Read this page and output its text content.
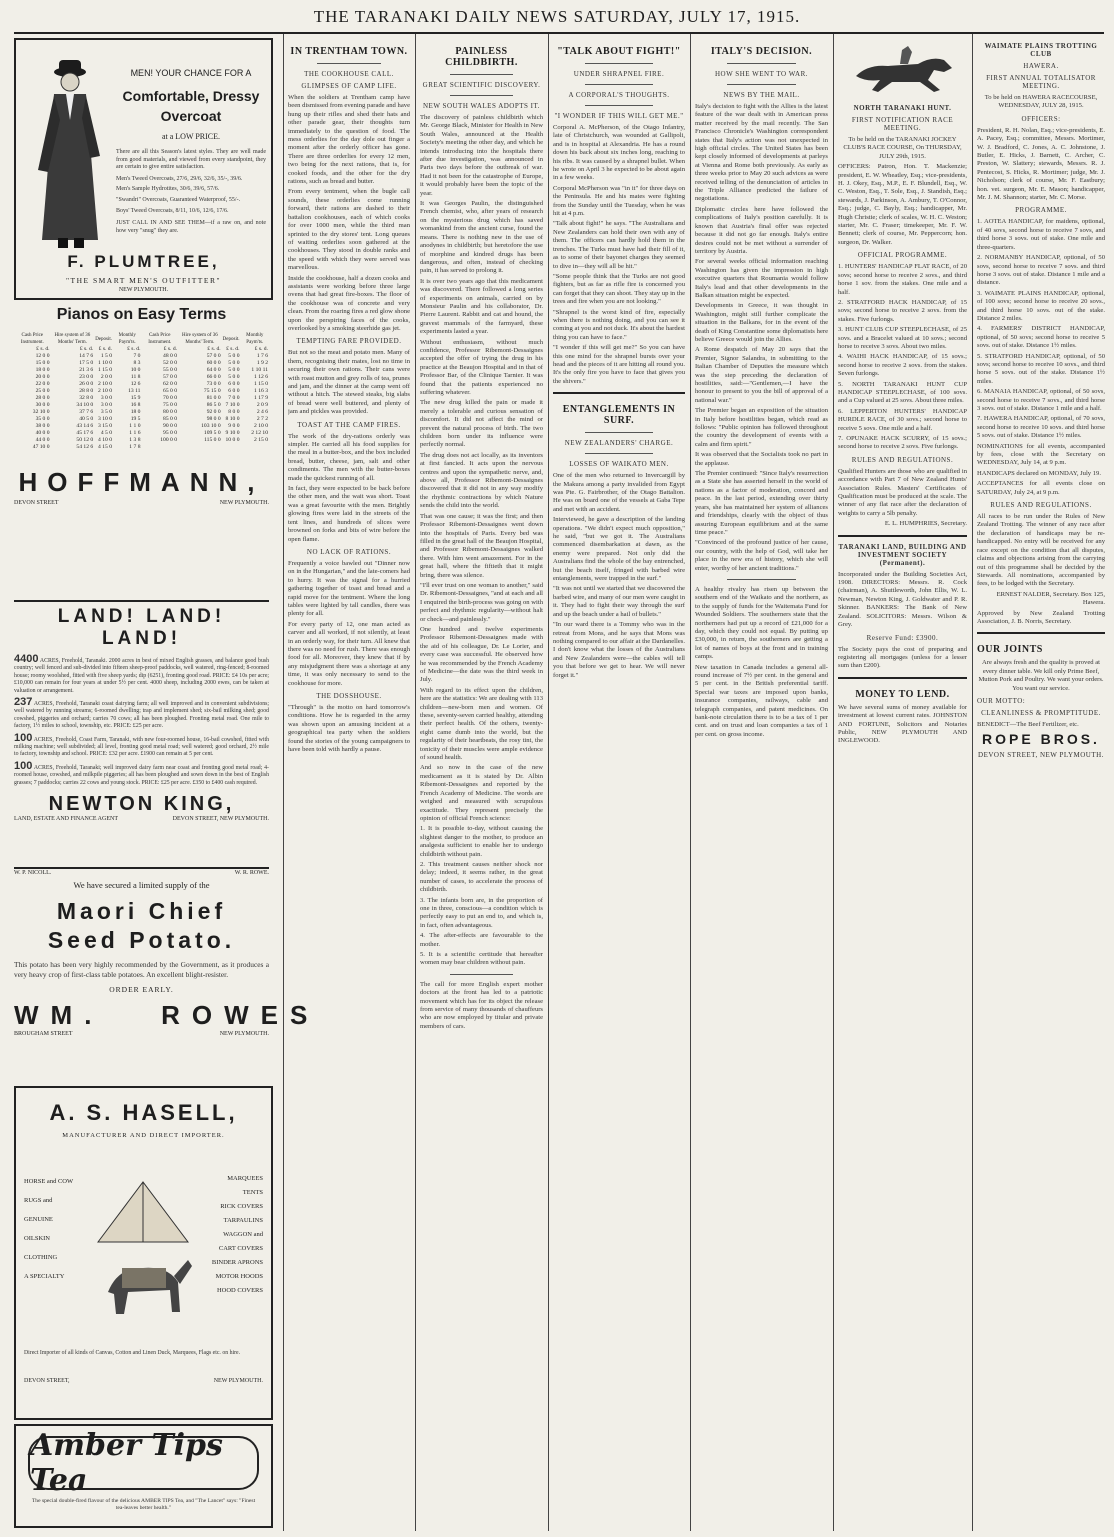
THE TARANAKI DAILY NEWS SATURDAY, JULY 17, 1915.
MEN! YOUR CHANCE FOR A
Comfortable, Dressy
Overcoat
at a LOW PRICE.
There are all this Season's latest styles. They are well made from good materials, and viewed from every standpoint, they are certain to give entire satisfaction.
Men's Tweed Overcoats, 27/6, 29/6, 32/6, 35/-, 39/6.
Men's Sample Hydrotites, 30/6, 39/6, 57/6.
"Swandri" Overcoats, Guaranteed Waterproof, 55/-.
Boys' Tweed Overcoats, 8/11, 10/6, 12/6, 17/6.
JUST CALL IN AND SEE THEM—if a raw on, and note how very "snug" they are.
F. PLUMTREE,
"THE SMART MEN'S OUTFITTER"
NEW PLYMOUTH.
Pianos on Easy Terms
Cash Price Instrument.	Hire system of 36 Months' Term.	Deposit.	Monthly Paym'ts.	Cash Price Instrument.	Hire system of 36 Months' Term.	Deposit.	Monthly Paym'ts.
£ s. d.	£ s. d.	£ s. d.	£ s. d.	£ s. d.	£ s. d.	£ s. d.	£ s. d.
12 0 0	14 7 6	1 5 0	7 0	48 0 0	57 0 0	5 0 0	1 7 6
15 0 0	17 5 0	1 10 0	8 3	52 0 0	60 0 0	5 0 0	1 9 2
18 0 0	21 3 6	1 15 0	10 0	55 0 0	64 0 0	5 0 0	1 10 11
20 0 0	23 0 0	2 0 0	11 8	57 0 0	66 0 0	5 0 0	1 12 6
22 0 0	26 0 0	2 10 0	12 6	62 0 0	73 0 0	6 0 0	1 15 0
25 0 0	28 8 0	2 10 0	13 11	65 0 0	75 15 0	6 0 0	1 16 3
28 0 0	32 8 0	3 0 0	15 9	70 0 0	81 0 0	7 0 0	1 17 9
30 0 0	34 10 0	3 0 0	16 8	75 0 0	86 5 0	7 10 0	2 0 9
32 10 0	37 7 6	3 5 0	18 0	80 0 0	92 0 0	8 0 0	2 4 6
35 0 0	40 5 0	3 10 0	19 5	85 0 0	98 0 0	8 10 0	2 7 2
38 0 0	43 14 6	3 15 0	1 1 0	90 0 0	103 10 0	9 0 0	2 10 0
40 0 0	45 17 6	4 5 0	1 1 6	95 0 0	109 5 0	9 10 0	2 12 10
44 0 0	50 12 0	4 10 0	1 3 8	100 0 0	115 0 0	10 0 0	2 15 0
47 10 0	54 12 6	4 15 0	1 7 8				
HOFFMANN,
DEVON STREET	NEW PLYMOUTH.
LAND! LAND! LAND!
4400 ACRES, Freehold, Taranaki. 2000 acres in best of mixed English grasses, and balance good bush country; well fenced and sub-divided into fifteen sheep-proof paddocks, well watered, ring-fenced; 8-roomed house; roomy woolshed, fitted with five sheep yards; dip (6251), fronting good road. PRICE: £4 10s per acre; £10,000 can remain for four years at under 5½ per cent. 4000 sheep, including 2000 ewes, can be taken at valuation or arrangement.
237 ACRES, Freehold, Taranaki coast dairying farm; all well improved and in convenient subdivisions; well watered by running streams; 6-roomed dwelling; trap and implement shed; six-bail milking shed; good cowshed, piggeries and orchard; carries 70 cows; all has been ploughed. Fronting metal road. One mile to factory, 1½ miles to school, township, etc. PRICE: £25 per acre.
100 ACRES, Freehold, Coast Farm, Taranaki, with new four-roomed house, 16-bail cowshed, fitted with milking machine; well subdivided; all level, fronting good metal road; well watered; good orchard, 2½ mile to factory, township and school. PRICE: £32 per acre. £1900 can remain at 5 per cent.
100 ACRES, Freehold, Taranaki; well improved dairy farm near coast and fronting good metal road; 4-roomed house, cowshed, and milkpile piggeries; all has been ploughed and sown down in the best of English grasses; 7 paddocks; carries 22 cows and young stock. PRICE: £25 per acre. £350 to £400 cash required.
NEWTON KING,
LAND, ESTATE AND FINANCE AGENT	DEVON STREET, NEW PLYMOUTH.
W. P. NICOLL.	W. R. ROWE.
We have secured a limited supply of the
Maori Chief
Seed Potato.
This potato has been very highly recommended by the Government, as it produces a very heavy crop of first-class table potatoes. An excellent blight-resister.
ORDER EARLY.
WM.   ROWES
BROUGHAM STREET	NEW PLYMOUTH.
A. S. HASELL,
MANUFACTURER AND DIRECT IMPORTER.
HORSE and COW
RUGS and
GENUINE
OILSKIN
CLOTHING
A SPECIALTY
MARQUEES
TENTS
RICK COVERS
TARPAULINS
WAGGON and
CART COVERS
BINDER APRONS
MOTOR HOODS
HOOD COVERS
Direct Importer of all kinds of Canvas, Cotton and Linen Duck, Marquees, Flags etc. on hire.
DEVON STREET,	NEW PLYMOUTH.
Amber Tips Tea
The special double-fired flavour of the delicious AMBER TIPS Tea, and "The Lancet" says: "Finest tea-leaves better health."
IN TRENTHAM TOWN.
THE COOKHOUSE CALL.
GLIMPSES OF CAMP LIFE.

When the soldiers at Trentham camp have been dismissed from evening parade and have hung up their rifles and shed their hats and other parade gear, their thoughts turn immediately to the question of food. The mess orderlies for the day dole out finger a moment after the orderly officer has gone. There are three orderlies for every 12 men, two being for the next rations, that is, for cooked foods, and the other for the dry rations, such as bread and butter.

From every tentment, when the bugle call sounds, these orderlies come running forward, their rations are dashed to their battalion cookhouses, each of which cooks for over 1000 men, while the third man sprinted to the dry stores' tent. Long queues of waiting orderlies soon gathered at the cookhouses. They stood in double ranks and the speed with which they were served was marvellous.

Inside the cookhouse, half a dozen cooks and assistants were working before three large ovens that had great fire-boxes. The floor of the cookhouse was of concrete and very clean. From the roaring fires a red glow shone upon the perspiring faces of the cooks, overlooked by a smoking steerhide gas jet.

TEMPTING FARE PROVIDED.

But not so the meat and potato men. Many of them, recognising their mates, lost no time in securing their own rations. Their cans were with roast mutton and grey rolls of tea, prunes and jam, and the dinner at the camp went off without a hitch. The stewed steaks, big slabs of bread were well buttered, and plenty of jam and pickles was provided.

TOAST AT THE CAMP FIRES.

The work of the dry-rations orderly was simpler. He carried all his food supplies for the meal in a butter-box, and the box included bread, butter, cheese, jam, salt and other condiments. The men with the butter-boxes made the quickest running of all.

In fact, they were expected to be back before the other men, and the wait was short. Toast was a great favourite with the men. Brightly glowing fires were laid in the streets of the tent lines, and hundreds of slices were browned on forks and bits of wire before the open flame.

NO LACK OF RATIONS.

Frequently a voice bawled out "Dinner now on in the Hungarian," and the late-comers had to hurry. It was the signal for a hurried gathering together of toast and bread and a rapid move for the tentment. Where the long tables were lighted by tall candles, there was plenty for all.

For every party of 12, one man acted as carver and all worked, if not silently, at least in an orderly way, for their turn. All knew that there was no need for rush. There was enough food for all. Moreover, they knew that if by any misjudgment there was a shortage at any time, it was only necessary to send to the cookhouse for more.

THE DOSSHOUSE.

"Through" is the motto on hard tomorrow's conditions. How he is regarded in the army was shown upon an amusing incident at a geographical tea party when the soldiers found the stories of the young campaigners to have been told with hardly a pause.

PAINLESS CHILDBIRTH.
GREAT SCIENTIFIC DISCOVERY.
NEW SOUTH WALES ADOPTS IT.

The discovery of painless childbirth which Mr. George Black, Minister for Health in New South Wales, announced at the Health Society's meeting the other day, and which he intends introducing into the hospitals there after due investigation, was announced in Paris two days before the outbreak of war. Had it not been for the catastrophe of Europe, it would probably have been the topic of the year.

It was Georges Paulin, the distinguished French chemist, who, after years of research on the mysterious drug which has saved womankind from the ancient curse, found the means. There is nothing new in the use of anodynes in childbirth; but heretofore the use of morphine and kindred drugs has been dangerous, and often, instead of checking pain, it has served to prolong it.

It is over two years ago that this medicament was discovered. There followed a long series of experiments on animals, carried on by Monsieur Paulin and his collaborator, Dr. Pierre Laurent. Rabbit and cat and hound, the gravest mammals of the farmyard, these experiments lasted a year.

Without enthusiasm, without much confidence, Professor Ribemont-Dessaignes accepted the offer of trying the drug in his practice at the Beaujon Hospital and in that of Professor Bar, of the Clinique Tarnier. It was found that the patients experienced no suffering whatever.

The new drug killed the pain or made it merely a tolerable and curious sensation of discomfort. It did not affect the mind or prevent the natural process of birth. The two children born under its influence were perfectly normal.

The drug does not act locally, as its inventors at first fancied. It acts upon the nervous centres and upon the sympathetic nerve, and, above all, Professor Ribemont-Dessaignes discovered that it did not in any way modify the rhythmic contractions by which Nature sends the child into the world.

That was one cause; it was the first; and then Professor Ribemont-Dessaignes went down into the hospitals of Paris. Every bed was filled in the great hall of the Beaujon Hospital, and Professor Ribemont-Dessaignes walked there. With him went amazement. For in the great hall, where the fiftieth that it might bring, there was silence.

"I'll ever trust on one woman to another," said Dr. Ribemont-Dessaignes, "and at each and all I enquired the birth-process was going on with perfect and rhythmic regularity—without halt or check—and painlessly."

One hundred and twelve experiments Professor Ribemont-Dessaignes made with the aid of his colleague, Dr. Le Lorier, and every case was successful. He observed how he was recommended by the French Academy of Medicine—the date was the third week in July.

With regard to its effect upon the children, here are the statistics: We are dealing with 113 children—new-born men and women. Of these, seventy-seven carried healthy, attending their perfect health. Of the others, twenty-eight came dumb into the world, but the regularity of their heartbeats, the rosy tint, the tonicity of their muscles were ample evidence of sound health.

And so now in the case of the new medicament as it is stated by Dr. Albin Ribemont-Dessaignes and reported by the French Academy of Medicine. The words are weighed and measured with scrupulous exactitude. They represent precisely the opinion of official French science:

1. It is possible to-day, without causing the slightest danger to the mother, to produce an analgesia sufficient to enable her to undergo childbirth without pain.

2. This treatment causes neither shock nor delay; indeed, it seems rather, in the great number of cases, to accelerate the process of childbirth.

3. The infants born are, in the proportion of one in three, conscious—a condition which is perfectly easy to put an end to, and which is, in fact, often advantageous.

4. The after-effects are favourable to the mother.

5. It is a scientific certitude that hereafter women may bear children without pain.

The call for more English expert mother doctors at the front has led to a patriotic movement which has for its object the release from service of many thousands of chauffeurs who are now employed by titular and private members of cars.

"TALK ABOUT FIGHT!"
UNDER SHRAPNEL FIRE.
A CORPORAL'S THOUGHTS.
"I WONDER IF THIS WILL GET ME."

Corporal A. McPherson, of the Otago Infantry, late of Christchurch, was wounded at Gallipoli, and is in hospital at Alexandria. He has a round down his back about six inches long, reaching to his ribs. It was caused by a shrapnel bullet. When he wrote on April 3 he expected to be about again in a few weeks.

Corporal McPherson was "in it" for three days on the Peninsula. He and his mates were fighting from the Sunday until the Tuesday, when he was hit at 4 p.m.

"Talk about fight!" he says. "The Australians and New Zealanders can hold their own with any of them. The officers can hardly hold them in the trenches. The Turks must have had their fill of it, as to some of their bayonet charges they seemed to dive in—they will all be hit."

"Some people think that the Turks are not good fighters, but as far as rifle fire is concerned you can forget that they can shoot. They stay up in the trees and fire when you are not looking."

"Shrapnel is the worst kind of fire, especially when there is nothing doing, and you can see it coming at you and not duck. It's about the hardest thing you can have to face."

"I wonder if this will get me?" So you can have this one mind for the shrapnel bursts over your head and the pieces of it are hitting all round you. It's the only fire you have to face that gives you the shivers."

ENTANGLEMENTS IN SURF.
NEW ZEALANDERS' CHARGE.
LOSSES OF WAIKATO MEN.

One of the men who returned to Invercargill by the Makura among a party invalided from Egypt was Pte. G. Fairbrother, of the Otago Battalion. He was on board one of the vessels at Gaba Tepe and met with an accident.

Interviewed, he gave a description of the landing operations. "We didn't expect much opposition," he said, "but we got it. The Australians commenced disembarkation at dawn, as the enemy were prepared. Not only did the Australians find the whole of the bay entrenched, but the beach itself, fringed with barbed wire entanglements, were trapped in the surf."

"It was not until we started that we discovered the barbed wire, and many of our men were caught in it. They had to fight their way through the surf and up the beach under a hail of bullets."

"In our ward there is a Tommy who was in the retreat from Mons, and he says that Mons was nothing compared to our affair at the Dardanelles. I don't know what the losses of the Australians and New Zealanders were—the cables will tell you that before we get to hear. We will never forget it."

ITALY'S DECISION.
HOW SHE WENT TO WAR.
NEWS BY THE MAIL.

Italy's decision to fight with the Allies is the latest feature of the war dealt with in American press matter received by the mail recently. The San Francisco Chronicle's Washington correspondent states that Italy's action was not unexpected in high official circles. The United States has been kept closely informed of developments at parleys at Vienna and Rome both previously. As early as three weeks prior to May 20 such advices as were received telling of the denunciation of articles in the Triple Alliance predicted the failure of negotiations.

Diplomatic circles here have followed the complications of Italy's position carefully. It is known that Austria's final offer was rejected because it did not go far enough. Italy's entire desires could not be met without a surrender of territory by Austria.

For several weeks official information reaching Washington has given the impression in high executive quarters that Roumania would follow Italy's lead and that other developments in the Balkan situation might be expected.

Developments in Greece, it was thought in Washington, might still further complicate the situation in the Balkans, for in the event of the death of King Constantine some diplomatists here believe Greece would join the Allies.

A Rome despatch of May 20 says that the Premier, Signor Salandra, in submitting to the Italian Chamber of Deputies the measure which was the step preceding the declaration of hostilities, said:—"Gentlemen,—I have the honour to present to you the bill of approval of a national war."

The Premier began an exposition of the situation in Italy before hostilities began, which read as follows: "Public opinion has followed throughout the country the development of events with a calm and firm spirit."

It was observed that the Socialists took no part in the applause.

The Premier continued: "Since Italy's resurrection as a State she has asserted herself in the world of nations as a factor of moderation, concord and peace. In the last period, extending over thirty years, she has maintained her system of alliances and friendships, clearly with the object of thus assuring European equilibrium and at the same time peace."

"Convinced of the profound justice of her cause, our country, with the help of God, will take her place in the new era of history, which she will enter, worthy of her ancient traditions."

A healthy rivalry has risen up between the southern end of the Waikato and the northern, as to the supply of funds for the Waitemata Fund for Wounded Soldiers. The southerners state that the northerners had put up a record of £21,000 for a day, which they could not equal. By putting up £30,000, in return, the southerners are getting a lot of names of boys at the front and in training camps.

New taxation in Canada includes a general all-round increase of 7½ per cent. in the general and 5 per cent. in the British preferential tariff. Special war taxes are imposed upon banks, insurance companies, railways, cable and telegraph companies, and patent medicines. On bank-note circulation there is to be a tax of 1 per cent. and on trust and loan companies a tax of 1 per cent. on gross income.

NORTH TARANAKI HUNT.
FIRST NOTIFICATION RACE MEETING.

To be held on the TARANAKI JOCKEY CLUB'S RACE COURSE, On THURSDAY, JULY 29th, 1915.

OFFICERS: Patron, Hon. T. Mackenzie; president, E. W. Wheatley, Esq.; vice-presidents, H. J. Okey, Esq., M.P., E. F. Blundell, Esq., W. C. Weston, Esq., T. Sole, Esq., J. Standish, Esq.; stewards, J. Parkinson, A. Ambury, T. O'Connor, Esq.; judge, C. Bayly, Esq.; handicapper, Mr. Hugh Christie; clerk of scales, W. H. C. Weston; starter, Mr. C. Fraser; timekeeper, Mr. F. W. Bennett; clerk of course, Mr. Peppercorn; hon. surgeon, Dr. Walker.

OFFICIAL PROGRAMME.

1. HUNTERS' HANDICAP FLAT RACE, of 20 sovs; second horse to receive 2 sovs., and third horse 1 sov. from the stakes. One mile and a half.

2. STRATFORD HACK HANDICAP, of 15 sovs; second horse to receive 2 sovs. from the stakes. Five furlongs.

3. HUNT CLUB CUP STEEPLECHASE, of 25 sovs. and a Bracelet valued at 10 sovs.; second horse to receive 3 sovs. About two miles.

4. WAIHI HACK HANDICAP, of 15 sovs.; second horse to receive 2 sovs. from the stakes. Seven furlongs.

5. NORTH TARANAKI HUNT CUP HANDICAP STEEPLECHASE, of 100 sovs. and a Cup valued at 25 sovs. About three miles.

6. LEPPERTON HUNTERS' HANDICAP HURDLE RACE, of 30 sovs.; second horse to receive 5 sovs. One mile and a half.

7. OPUNAKE HACK SCURRY, of 15 sovs.; second horse to receive 2 sovs. Five furlongs.

RULES AND REGULATIONS.

Qualified Hunters are those who are qualified in accordance with Part 7 of New Zealand Hunts' Association Rules. Masters' Certificates of Qualification must be produced at the scale. The winner of any flat race after the declaration of weights to carry a 5lb penalty.

E. L. HUMPHRIES, Secretary.

TARANAKI LAND, BUILDING AND INVESTMENT SOCIETY (Permanent).

Incorporated under the Building Societies Act, 1908. DIRECTORS: Messrs. R. Cock (chairman), A. Shuttleworth, John Ellis, W. L. Newman, Newton King, J. Goldwater and P. R. Skinner. BANKERS: The Bank of New Zealand. SOLICITORS: Messrs. Wilson & Grey.

Reserve Fund: £3900.

The Society pays the cost of preparing and registering all mortgages (unless for a lesser sum than £200).

MONEY TO LEND.

We have several sums of money available for investment at lowest current rates. JOHNSTON AND FORTUNE, Solicitors and Notaries Public, NEW PLYMOUTH AND INGLEWOOD.

WAIMATE PLAINS TROTTING CLUB
HAWERA.
FIRST ANNUAL TOTALISATOR MEETING.

To be held on HAWERA RACECOURSE, WEDNESDAY, JULY 28, 1915.

OFFICERS:

President, R. H. Nolan, Esq.; vice-presidents, E. A. Pacey, Esq.; committee, Messrs. Mortimer, W. J. Bradford, C. Jones, A. C. Johnstone, J. Butler, E. Hicks, J. Barnett, C. Archer, C. Preston, W. Slattery; stewards, Messrs. R. J. Pentecost, S. Hicks, R. Mortimer; judge, Mr. J. Nicholson; clerk of course, Mr. F. Eastbury; hon. vet. surgeon, Mr. E. Mason; handicapper, Mr. J. M. Shannon; starter, Mr. C. Morse.

PROGRAMME.

1. AOTEA HANDICAP, for maidens, optional, of 40 sovs, second horse to receive 7 sovs, and third horse 3 sovs. out of stake. One mile and three-quarters.

2. NORMANBY HANDICAP, optional, of 50 sovs, second horse to receive 7 sovs. and third horse 3 sovs. out of stake. Distance 1 mile and a distance.

3. WAIMATE PLAINS HANDICAP, optional, of 100 sovs; second horse to receive 20 sovs., and third horse 10 sovs. out of the stake. Distance 2 miles.

4. FARMERS' DISTRICT HANDICAP, optional, of 50 sovs; second horse to receive 5 sovs. out of stake. Distance 1½ miles.

5. STRATFORD HANDICAP, optional, of 50 sovs; second horse to receive 10 sovs., and third horse 5 sovs. out of the stake. Distance 1½ miles.

6. MANAIA HANDICAP, optional, of 50 sovs, second horse to receive 7 sovs., and third horse 3 sovs. out of stake. Distance 1 mile and a half.

7. HAWERA HANDICAP, optional, of 70 sovs, second horse to receive 10 sovs. and third horse 5 sovs. out of stake. Distance 1½ miles.

NOMINATIONS for all events, accompanied by fees, close with the Secretary on WEDNESDAY, July 14, at 9 p.m.

HANDICAPS declared on MONDAY, July 19.

ACCEPTANCES for all events close on SATURDAY, July 24, at 9 p.m.

RULES AND REGULATIONS.

All races to be run under the Rules of New Zealand Trotting. The winner of any race after the declaration of handicaps may be re-handicapped. No entry will be received for any race except on the condition that all disputes, claims and objections arising from the carrying out of this programme shall be decided by the Stewards. All nominations, accompanied by fees, to be lodged with the Secretary.

ERNEST NALDER, Secretary. Box 125, Hawera.

Approved by New Zealand Trotting Association, J. B. Norris, Secretary.

OUR JOINTS

Are always fresh and the quality is proved at every dinner table. We kill only Prime Beef, Mutton Pork and Poultry. We want your orders. You want our service.

OUR MOTTO:
CLEANLINESS & PROMPTITUDE.

BENEDICT—The Beef Fertilizer, etc.

ROPE BROS.
DEVON STREET, NEW PLYMOUTH.
